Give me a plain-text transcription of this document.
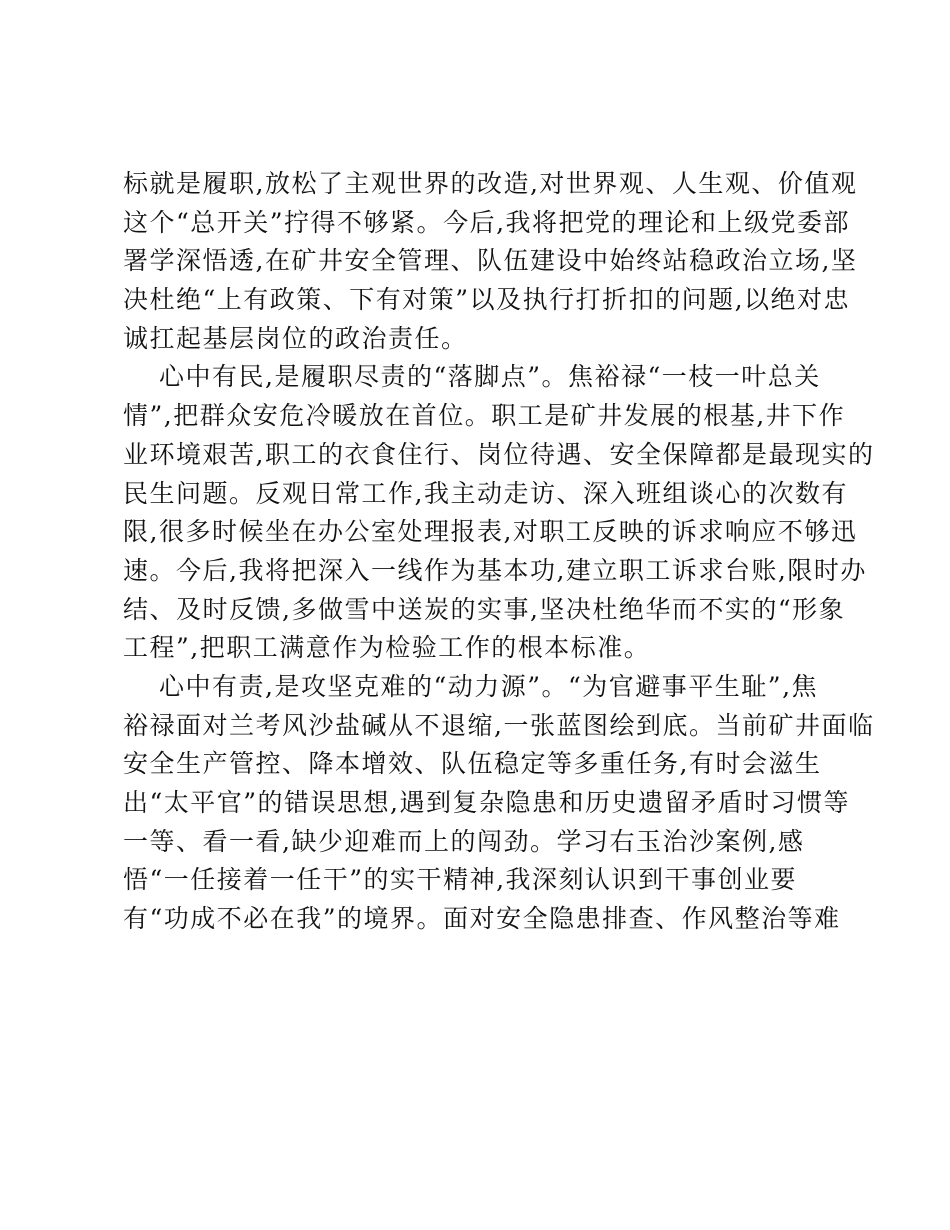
标就是履职,放松了主观世界的改造,对世界观、人生观、价值观
这个“总开关”拧得不够紧。今后,我将把党的理论和上级党委部
署学深悟透,在矿井安全管理、队伍建设中始终站稳政治立场,坚
决杜绝“上有政策、下有对策”以及执行打折扣的问题,以绝对忠
诚扛起基层岗位的政治责任。
心中有民,是履职尽责的“落脚点”。焦裕禄“一枝一叶总关
情”,把群众安危冷暖放在首位。职工是矿井发展的根基,井下作
业环境艰苦,职工的衣食住行、岗位待遇、安全保障都是最现实的
民生问题。反观日常工作,我主动走访、深入班组谈心的次数有
限,很多时候坐在办公室处理报表,对职工反映的诉求响应不够迅
速。今后,我将把深入一线作为基本功,建立职工诉求台账,限时办
结、及时反馈,多做雪中送炭的实事,坚决杜绝华而不实的“形象
工程”,把职工满意作为检验工作的根本标准。
心中有责,是攻坚克难的“动力源”。“为官避事平生耻”,焦
裕禄面对兰考风沙盐碱从不退缩,一张蓝图绘到底。当前矿井面临
安全生产管控、降本增效、队伍稳定等多重任务,有时会滋生
出“太平官”的错误思想,遇到复杂隐患和历史遗留矛盾时习惯等
一等、看一看,缺少迎难而上的闯劲。学习右玉治沙案例,感
悟“一任接着一任干”的实干精神,我深刻认识到干事创业要
有“功成不必在我”的境界。面对安全隐患排查、作风整治等难
